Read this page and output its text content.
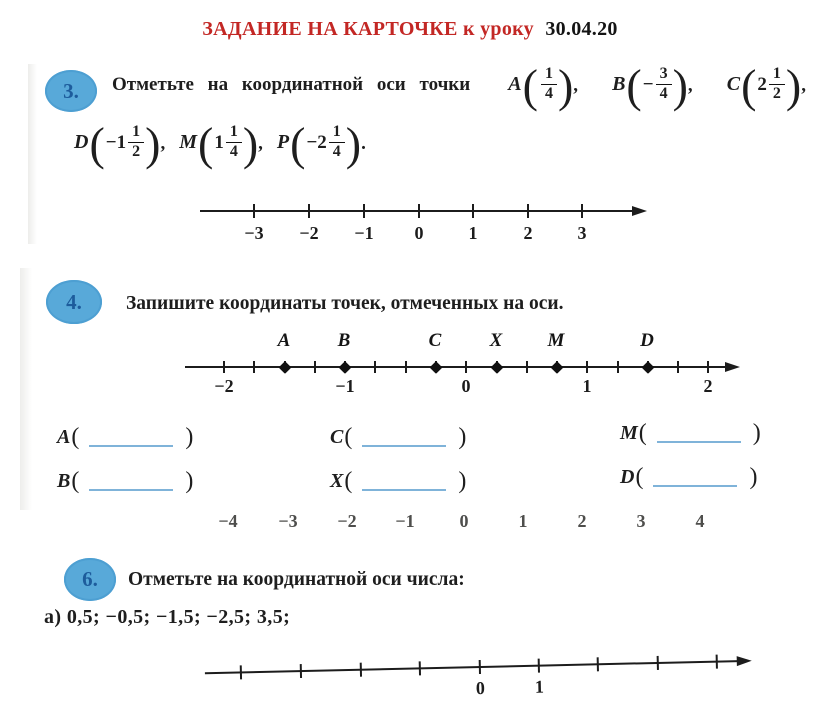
ЗАДАНИЕ НА КАРТОЧКЕ к уроку 30.04.20
3. Отметьте на координатной оси точки A ( $\frac{1}{4}$ ) , B ( − $\frac{3}{4}$ ) , C ( $2 \frac{1}{2}$ ) ,
D ( $-1 \frac{1}{2}$ ) , M ( $1 \frac{1}{4}$ ) , P ( $-2 \frac{1}{4}$ ) .
−3 −2 −1 0	1	2	3
4. Запишите координаты точек, отмеченных на оси.
A B	C	X M	D
−2	−1	0	1	2
A (	)	C (	)	M (	)
B (	)	X (	)	D (	)
−4 −3 −2 −1 0	1	2	3	4
6. Отметьте на координатной оси числа:
а) 0,5; −0,5; −1,5; −2,5; 3,5;
0	1
